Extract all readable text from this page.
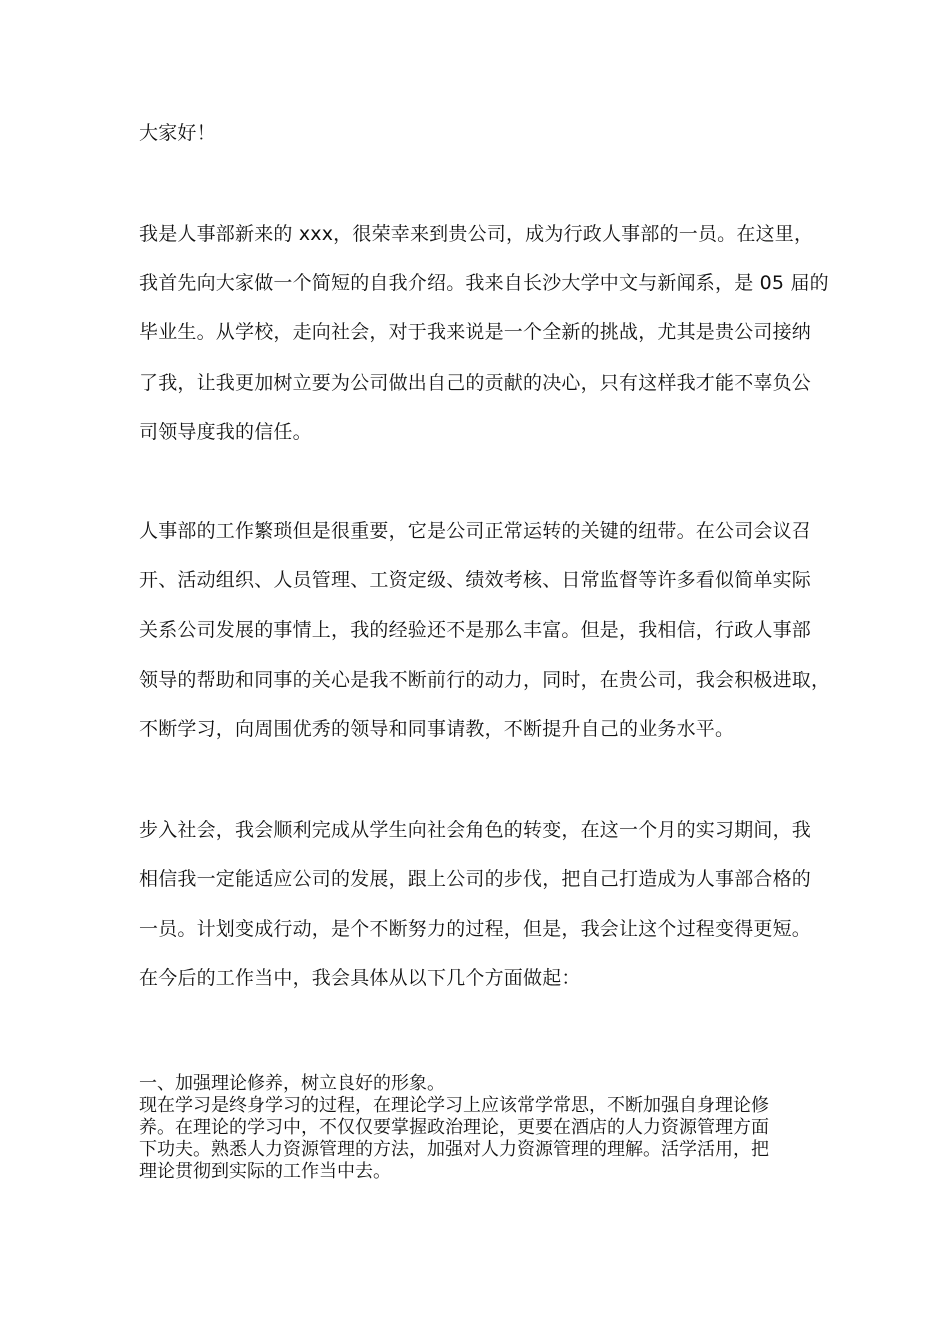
大家好！
我是人事部新来的 xxx，很荣幸来到贵公司，成为行政人事部的一员。在这里，
我首先向大家做一个简短的自我介绍。我来自长沙大学中文与新闻系，是 05 届的
毕业生。从学校，走向社会，对于我来说是一个全新的挑战，尤其是贵公司接纳
了我，让我更加树立要为公司做出自己的贡献的决心，只有这样我才能不辜负公
司领导度我的信任。
人事部的工作繁琐但是很重要，它是公司正常运转的关键的纽带。在公司会议召
开、活动组织、人员管理、工资定级、绩效考核、日常监督等许多看似简单实际
关系公司发展的事情上，我的经验还不是那么丰富。但是，我相信，行政人事部
领导的帮助和同事的关心是我不断前行的动力，同时，在贵公司，我会积极进取，
不断学习，向周围优秀的领导和同事请教，不断提升自己的业务水平。
步入社会，我会顺利完成从学生向社会角色的转变，在这一个月的实习期间，我
相信我一定能适应公司的发展，跟上公司的步伐，把自己打造成为人事部合格的
一员。计划变成行动，是个不断努力的过程，但是，我会让这个过程变得更短。
在今后的工作当中，我会具体从以下几个方面做起：
一、加强理论修养，树立良好的形象。
现在学习是终身学习的过程，在理论学习上应该常学常思，不断加强自身理论修
养。在理论的学习中，不仅仅要掌握政治理论，更要在酒店的人力资源管理方面
下功夫。熟悉人力资源管理的方法，加强对人力资源管理的理解。活学活用，把
理论贯彻到实际的工作当中去。
